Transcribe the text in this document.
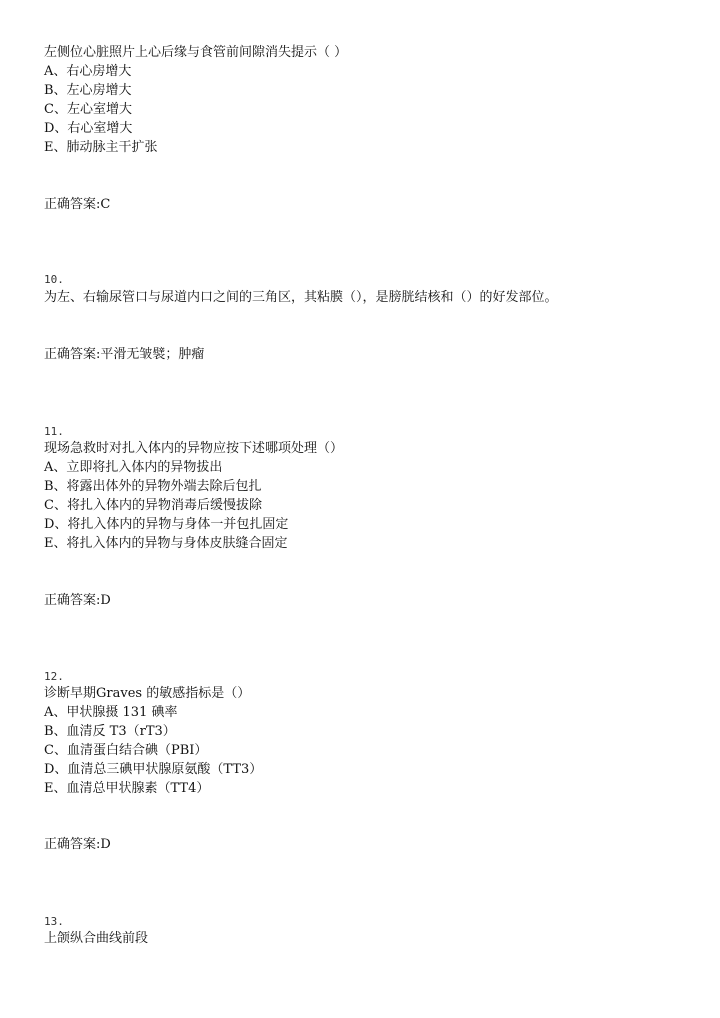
左侧位心脏照片上心后缘与食管前间隙消失提示（ ）
A、右心房增大
B、左心房增大
C、左心室增大
D、右心室增大
E、肺动脉主干扩张
正确答案:C
10.
为左、右输尿管口与尿道内口之间的三角区，其粘膜（），是膀胱结核和（）的好发部位。
正确答案:平滑无皱襞；肿瘤
11.
现场急救时对扎入体内的异物应按下述哪项处理（）
A、立即将扎入体内的异物拔出
B、将露出体外的异物外端去除后包扎
C、将扎入体内的异物消毒后缓慢拔除
D、将扎入体内的异物与身体一并包扎固定
E、将扎入体内的异物与身体皮肤缝合固定
正确答案:D
12.
诊断早期Graves 的敏感指标是（）
A、甲状腺摄 131 碘率
B、血清反 T3（rT3）
C、血清蛋白结合碘（PBI）
D、血清总三碘甲状腺原氨酸（TT3）
E、血清总甲状腺素（TT4）
正确答案:D
13.
上颌纵合曲线前段
